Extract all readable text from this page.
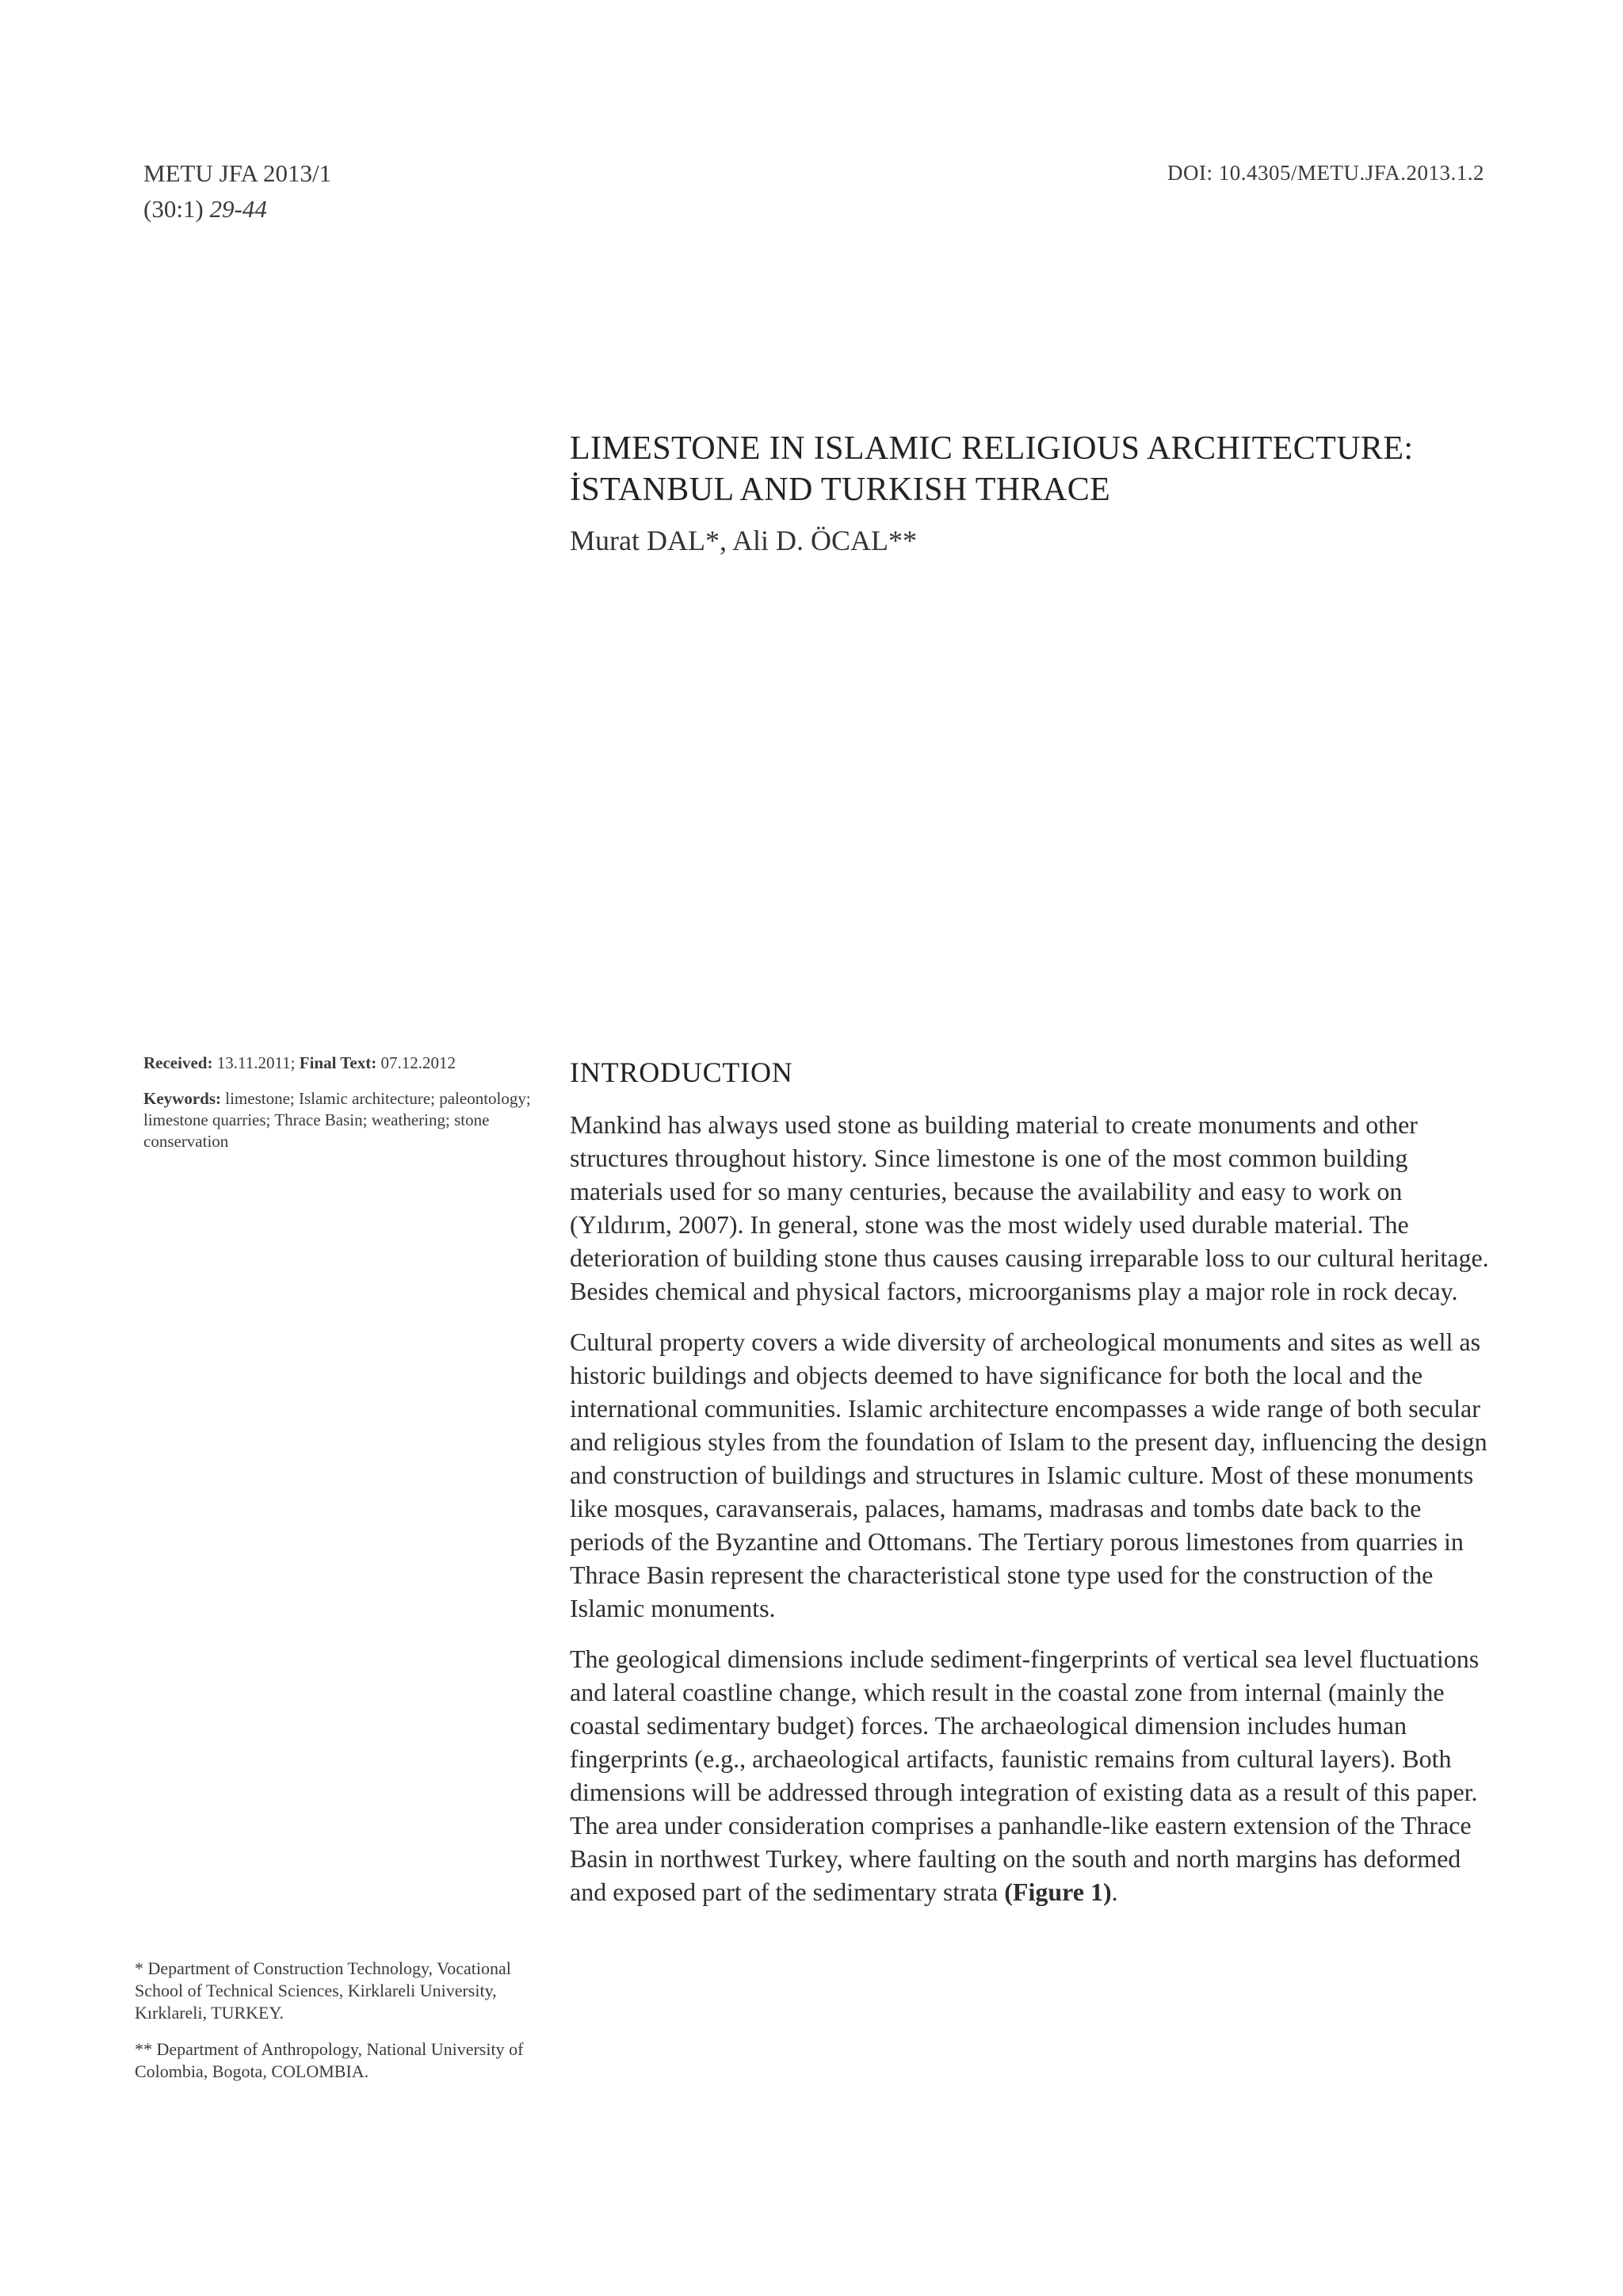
METU JFA 2013/1
(30:1) 29-44
DOI: 10.4305/METU.JFA.2013.1.2
LIMESTONE IN ISLAMIC RELIGIOUS ARCHITECTURE:
İSTANBUL AND TURKISH THRACE
Murat DAL*, Ali D. ÖCAL**

Received: 13.11.2011; Final Text: 07.12.2012

Keywords: limestone; Islamic architecture; paleontology; limestone quarries; Thrace Basin; weathering; stone conservation

INTRODUCTION

Mankind has always used stone as building material to create monuments and other structures throughout history. Since limestone is one of the most common building materials used for so many centuries, because the availability and easy to work on (Yıldırım, 2007). In general, stone was the most widely used durable material. The deterioration of building stone thus causes causing irreparable loss to our cultural heritage. Besides chemical and physical factors, microorganisms play a major role in rock decay.

Cultural property covers a wide diversity of archeological monuments and sites as well as historic buildings and objects deemed to have significance for both the local and the international communities. Islamic architecture encompasses a wide range of both secular and religious styles from the foundation of Islam to the present day, influencing the design and construction of buildings and structures in Islamic culture. Most of these monuments like mosques, caravanserais, palaces, hamams, madrasas and tombs date back to the periods of the Byzantine and Ottomans. The Tertiary porous limestones from quarries in Thrace Basin represent the characteristical stone type used for the construction of the Islamic monuments.

The geological dimensions include sediment-fingerprints of vertical sea level fluctuations and lateral coastline change, which result in the coastal zone from internal (mainly the coastal sedimentary budget) forces. The archaeological dimension includes human fingerprints (e.g., archaeological artifacts, faunistic remains from cultural layers). Both dimensions will be addressed through integration of existing data as a result of this paper. The area under consideration comprises a panhandle-like eastern extension of the Thrace Basin in northwest Turkey, where faulting on the south and north margins has deformed and exposed part of the sedimentary strata (Figure 1).

* Department of Construction Technology, Vocational School of Technical Sciences, Kirklareli University, Kırklareli, TURKEY.

** Department of Anthropology, National University of Colombia, Bogota, COLOMBIA.
